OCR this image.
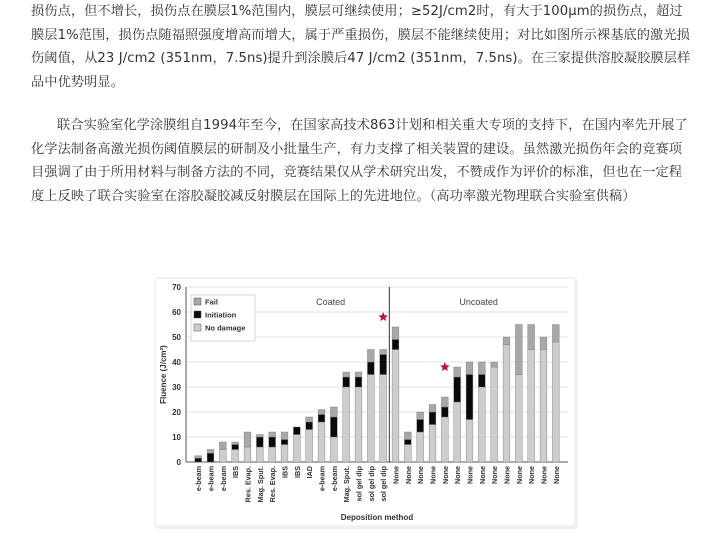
损伤点，但不增长，损伤点在膜层1%范围内，膜层可继续使用；≥52J/cm2时，有大于100μm的损伤点，超过膜层1%范围，损伤点随福照强度增高而增大，属于严重损伤，膜层不能继续使用；对比如图所示裸基底的激光损伤阈值，从23 J/cm2 (351nm，7.5ns)提升到涂膜后47 J/cm2 (351nm，7.5ns)。在三家提供溶胶凝胶膜层样品中优势明显。

联合实验室化学涂膜组自1994年至今，在国家高技术863计划和相关重大专项的支持下，在国内率先开展了化学法制备高激光损伤阈值膜层的研制及小批量生产，有力支撑了相关装置的建设。虽然激光损伤年会的竞赛项目强调了由于所用材料与制备方法的不同，竞赛结果仅从学术研究出发，不赞成作为评价的标准，但也在一定程度上反映了联合实验室在溶胶凝胶减反射膜层在国际上的先进地位。（高功率激光物理联合实验室供稿）

0
10
20
30
40
50
60
70
Coated	Uncoated
e-beam e-beam e-beam IBS Res. Evap. Mag. Sput. Res. Evap. IBS IBS IAD e-beam e-beam Mag. Sput. sol gel dip sol gel dip sol gel dip None None None None None None None None None None None None None None
Fail
Initiation
No damage
Fluence (J/cm²)
Deposition method
